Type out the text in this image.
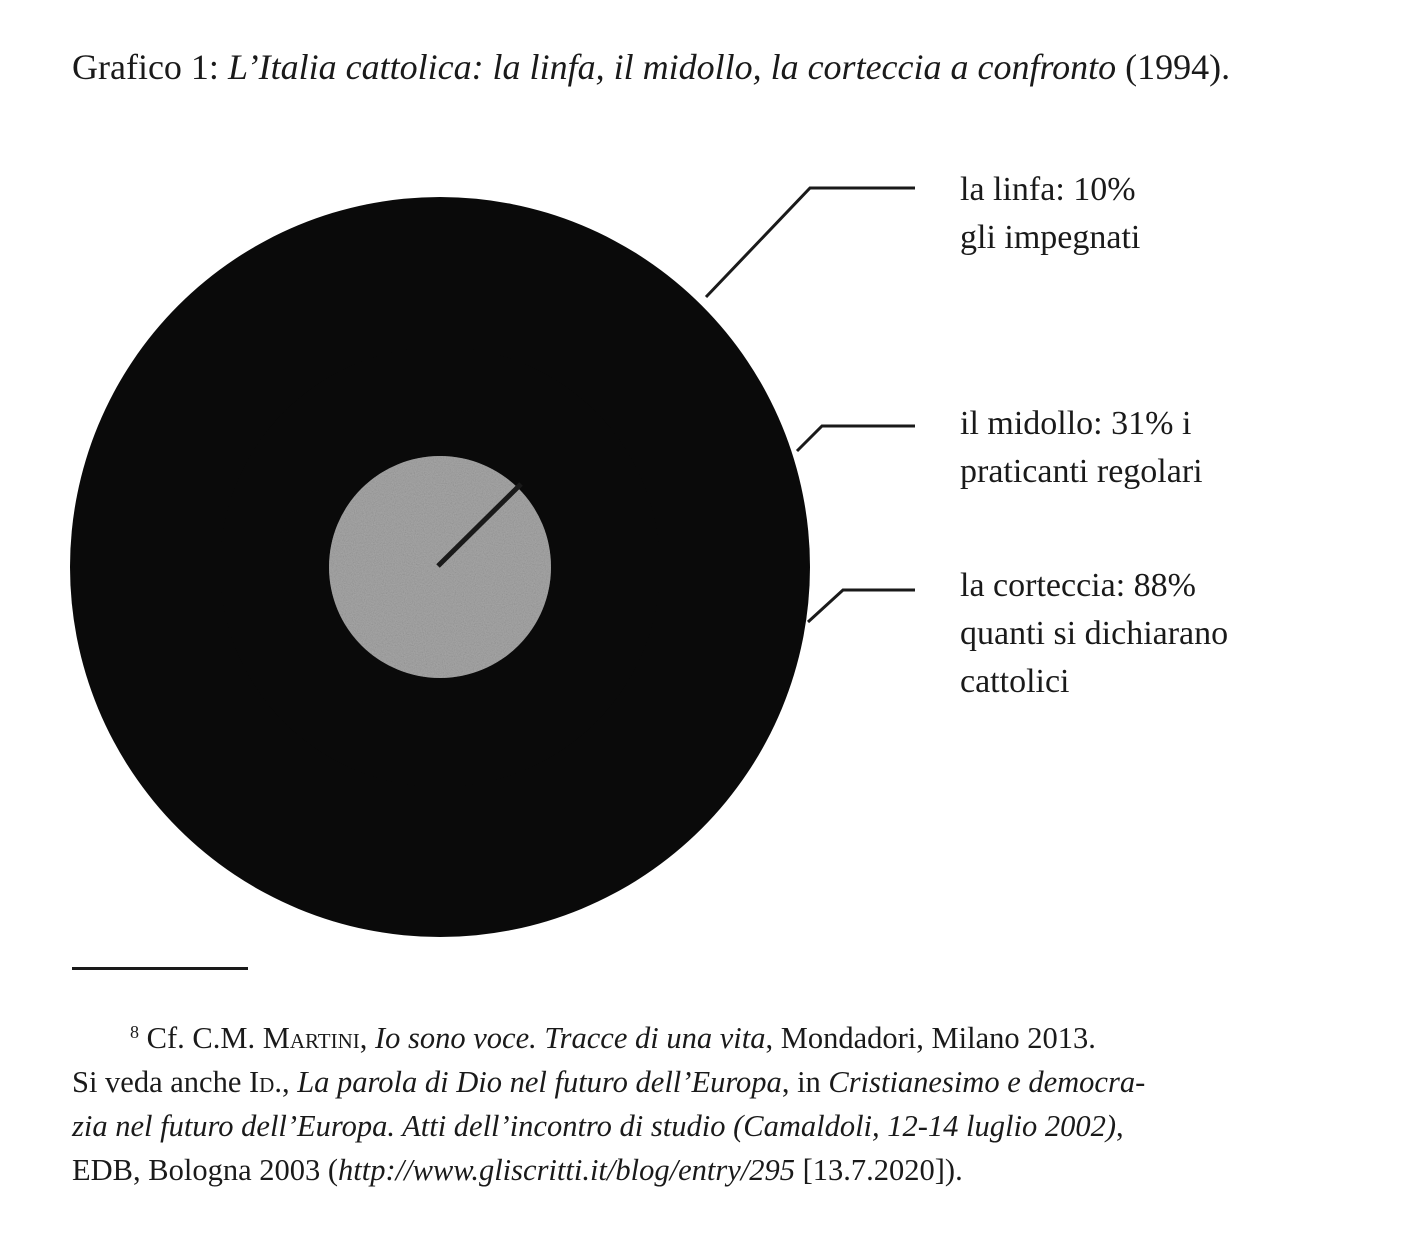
Grafico 1: L’Italia cattolica: la linfa, il midollo, la corteccia a confronto (1994).
la linfa: 10%
gli impegnati
il midollo: 31% i
praticanti regolari
la corteccia: 88%
quanti si dichiarano
cattolici
$^8$ Cf. C.M. Martini, Io sono voce. Tracce di una vita, Mondadori, Milano 2013.
Si veda anche Id., La parola di Dio nel futuro dell’Europa, in Cristianesimo e democra-
zia nel futuro dell’Europa. Atti dell’incontro di studio (Camaldoli, 12-14 luglio 2002),
EDB, Bologna 2003 (http://www.gliscritti.it/blog/entry/295 [13.7.2020]).
